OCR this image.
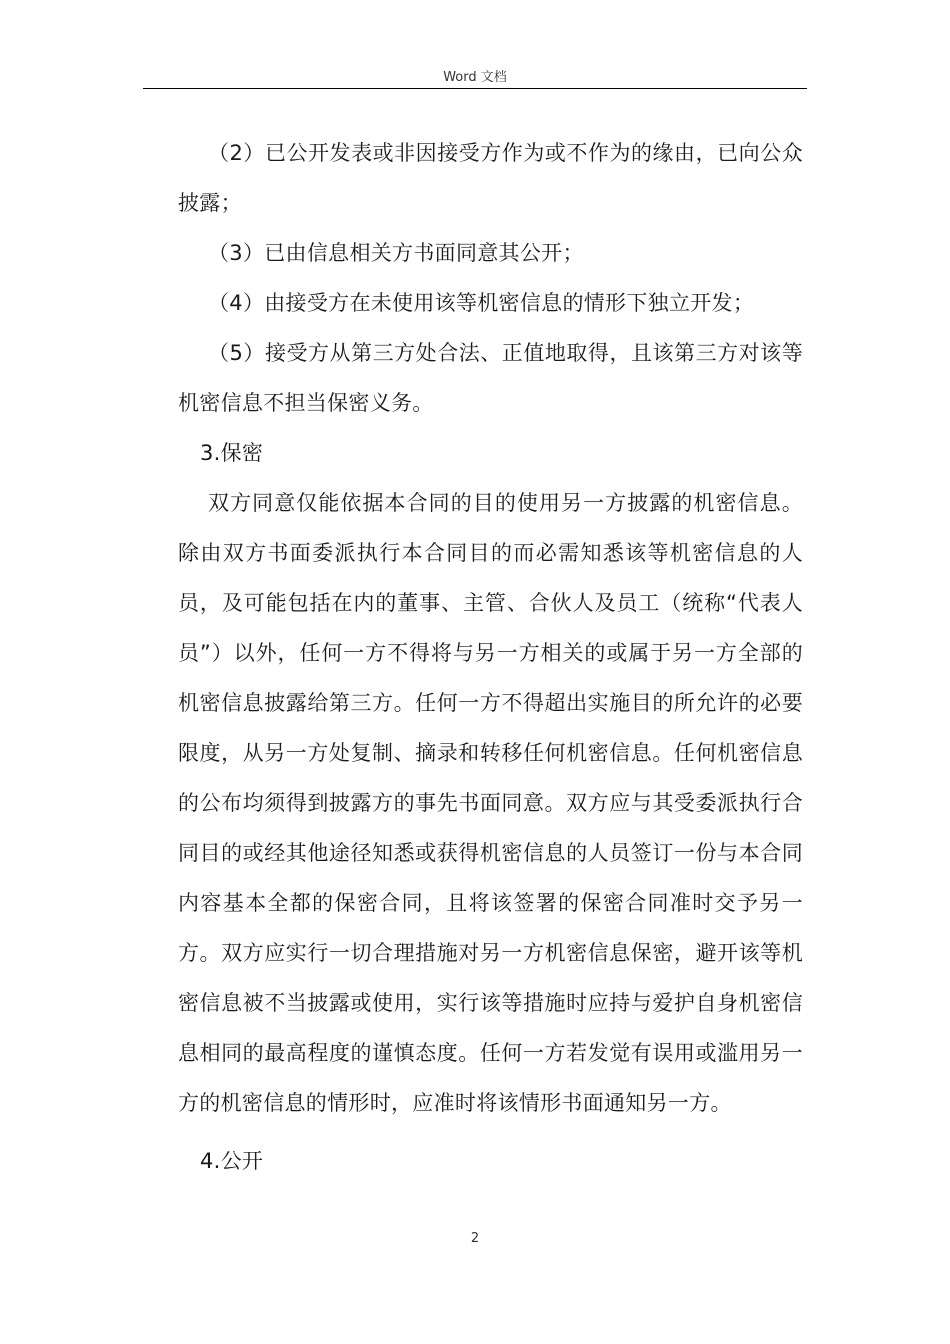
Word 文档

（2）已公开发表或非因接受方作为或不作为的缘由，已向公众披露；

（3）已由信息相关方书面同意其公开；

（4）由接受方在未使用该等机密信息的情形下独立开发；

（5）接受方从第三方处合法、正值地取得，且该第三方对该等机密信息不担当保密义务。

3.保密

双方同意仅能依据本合同的目的使用另一方披露的机密信息。除由双方书面委派执行本合同目的而必需知悉该等机密信息的人员，及可能包括在内的董事、主管、合伙人及员工（统称“代表人员”）以外，任何一方不得将与另一方相关的或属于另一方全部的机密信息披露给第三方。任何一方不得超出实施目的所允许的必要限度，从另一方处复制、摘录和转移任何机密信息。任何机密信息的公布均须得到披露方的事先书面同意。双方应与其受委派执行合同目的或经其他途径知悉或获得机密信息的人员签订一份与本合同内容基本全都的保密合同，且将该签署的保密合同准时交予另一方。双方应实行一切合理措施对另一方机密信息保密，避开该等机密信息被不当披露或使用，实行该等措施时应持与爱护自身机密信息相同的最高程度的谨慎态度。任何一方若发觉有误用或滥用另一方的机密信息的情形时，应准时将该情形书面通知另一方。

4.公开

2
